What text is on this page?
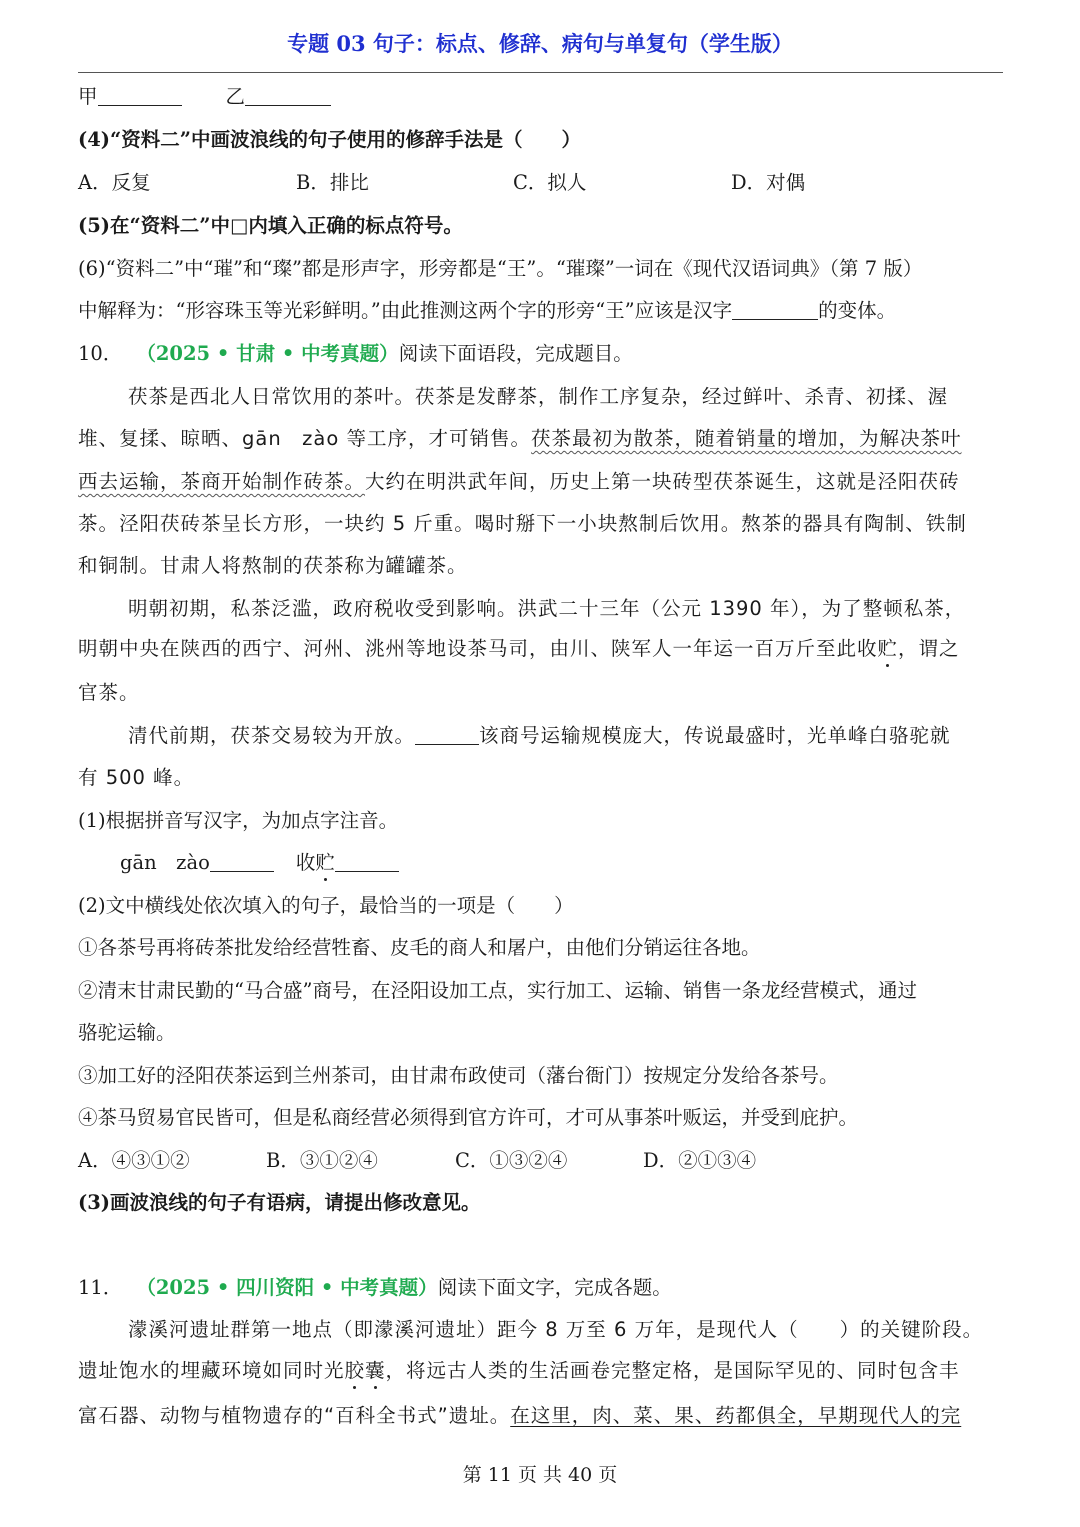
专题 03 句子：标点、修辞、病句与单复句（学生版）
甲	乙
(4)“资料二”中画波浪线的句子使用的修辞手法是（　　）
A．反复	B．排比	C．拟人	D．对偶
(5)在“资料二”中□内填入正确的标点符号。
(6)“资料二”中“璀”和“璨”都是形声字，形旁都是“王”。“璀璨”一词在《现代汉语词典》（第 7 版）
中解释为：“形容珠玉等光彩鲜明。”由此推测这两个字的形旁“王”应该是汉字	的变体。
10． （2025 • 甘肃 • 中考真题）阅读下面语段，完成题目。
茯茶是西北人日常饮用的茶叶。茯茶是发酵茶，制作工序复杂，经过鲜叶、杀青、初揉、渥
堆、复揉、晾晒、gān　zào 等工序，才可销售。茯茶最初为散茶，随着销量的增加，为解决茶叶
西去运输，茶商开始制作砖茶。大约在明洪武年间，历史上第一块砖型茯茶诞生，这就是泾阳茯砖
茶。泾阳茯砖茶呈长方形，一块约 5 斤重。喝时掰下一小块熬制后饮用。熬茶的器具有陶制、铁制
和铜制。甘肃人将熬制的茯茶称为罐罐茶。
明朝初期，私茶泛滥，政府税收受到影响。洪武二十三年（公元 1390 年），为了整顿私茶，
明朝中央在陕西的西宁、河州、洮州等地设茶马司，由川、陕军人一年运一百万斤至此收贮，谓之
官茶。
清代前期，茯茶交易较为开放。	该商号运输规模庞大，传说最盛时，光单峰白骆驼就
有 500 峰。
(1)根据拼音写汉字，为加点字注音。
gān　zào	收贮
(2)文中横线处依次填入的句子，最恰当的一项是（　　）
①各茶号再将砖茶批发给经营牲畜、皮毛的商人和屠户，由他们分销运往各地。
②清末甘肃民勤的“马合盛”商号，在泾阳设加工点，实行加工、运输、销售一条龙经营模式，通过
骆驼运输。
③加工好的泾阳茯茶运到兰州茶司，由甘肃布政使司（藩台衙门）按规定分发给各茶号。
④茶马贸易官民皆可，但是私商经营必须得到官方许可，才可从事茶叶贩运，并受到庇护。
A．④③①②	B．③①②④	C．①③②④	D．②①③④
(3)画波浪线的句子有语病，请提出修改意见。
11． （2025 • 四川资阳 • 中考真题）阅读下面文字，完成各题。
濛溪河遗址群第一地点（即濛溪河遗址）距今 8 万至 6 万年，是现代人（　　）的关键阶段。
遗址饱水的埋藏环境如同时光胶囊，将远古人类的生活画卷完整定格，是国际罕见的、同时包含丰
富石器、动物与植物遗存的“百科全书式”遗址。在这里，肉、菜、果、药都俱全，早期现代人的完
第 11 页 共 40 页
